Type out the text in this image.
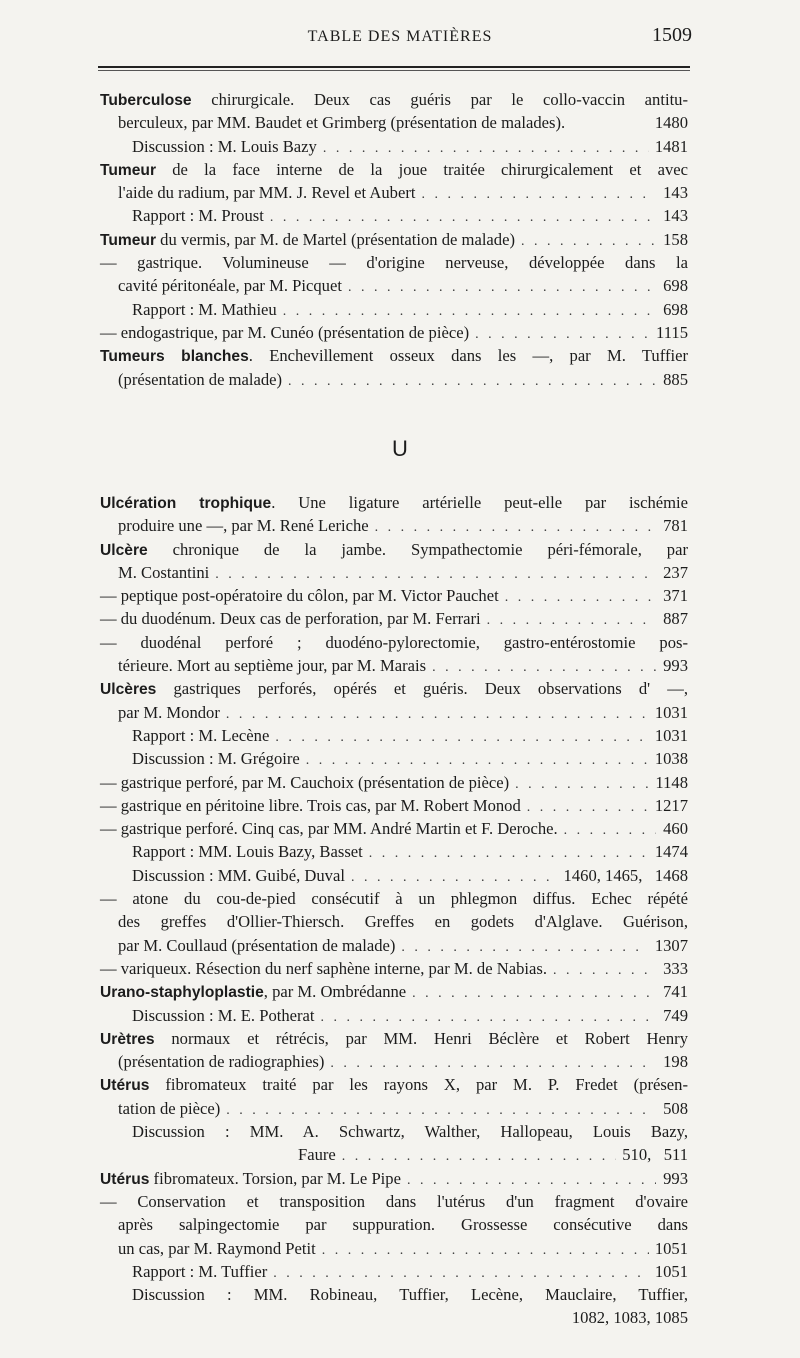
TABLE DES MATIÈRES	1509
Tuberculose chirurgicale. Deux cas guéris par le collo-vaccin antitu-
berculeux, par MM. Baudet et Grimberg (présentation de malades).	1480
Discussion : M. Louis Bazy . . .	1481
Tumeur de la face interne de la joue traitée chirurgicalement et avec
l'aide du radium, par MM. J. Revel et Aubert . . .	143
Rapport : M. Proust . . .	143
Tumeur du vermis, par M. de Martel (présentation de malade) . . .	158
— gastrique. Volumineuse — d'origine nerveuse, développée dans la
cavité péritonéale, par M. Picquet . . .	698
Rapport : M. Mathieu . . .	698
— endogastrique, par M. Cunéo (présentation de pièce) . . .	1115
Tumeurs blanches. Enchevillement osseux dans les —, par M. Tuffier
(présentation de malade) . . .	885
U
Ulcération trophique. Une ligature artérielle peut-elle par ischémie
produire une —, par M. René Leriche . . .	781
Ulcère chronique de la jambe. Sympathectomie péri-fémorale, par
M. Costantini . . .	237
— peptique post-opératoire du côlon, par M. Victor Pauchet . . .	371
— du duodénum. Deux cas de perforation, par M. Ferrari . . .	887
— duodénal perforé ; duodéno-pylorectomie, gastro-entérostomie pos-
térieure. Mort au septième jour, par M. Marais . . .	993
Ulcères gastriques perforés, opérés et guéris. Deux observations d' —,
par M. Mondor . . .	1031
Rapport : M. Lecène . . .	1031
Discussion : M. Grégoire . . .	1038
— gastrique perforé, par M. Cauchoix (présentation de pièce) . . .	1148
— gastrique en péritoine libre. Trois cas, par M. Robert Monod . . .	1217
— gastrique perforé. Cinq cas, par MM. André Martin et F. Deroche. . . .	460
Rapport : MM. Louis Bazy, Basset . . .	1474
Discussion : MM. Guibé, Duval . . .	1460, 1465,   1468
— atone du cou-de-pied consécutif à un phlegmon diffus. Echec répété
des greffes d'Ollier-Thiersch. Greffes en godets d'Alglave. Guérison,
par M. Coullaud (présentation de malade) . . .	1307
— variqueux. Résection du nerf saphène interne, par M. de Nabias. . . .	333
Urano-staphyloplastie, par M. Ombrédanne . . .	741
Discussion : M. E. Potherat . . .	749
Urètres normaux et rétrécis, par MM. Henri Béclère et Robert Henry
(présentation de radiographies) . . .	198
Utérus fibromateux traité par les rayons X, par M. P. Fredet (présen-
tation de pièce) . . .	508
Discussion : MM. A. Schwartz, Walther, Hallopeau, Louis Bazy,
Faure . . .	510,   511
Utérus fibromateux. Torsion, par M. Le Pipe . . .	993
— Conservation et transposition dans l'utérus d'un fragment d'ovaire
après salpingectomie par suppuration. Grossesse consécutive dans
un cas, par M. Raymond Petit . . .	1051
Rapport : M. Tuffier . . .	1051
Discussion : MM. Robineau, Tuffier, Lecène, Mauclaire, Tuffier,
1082, 1083, 1085
